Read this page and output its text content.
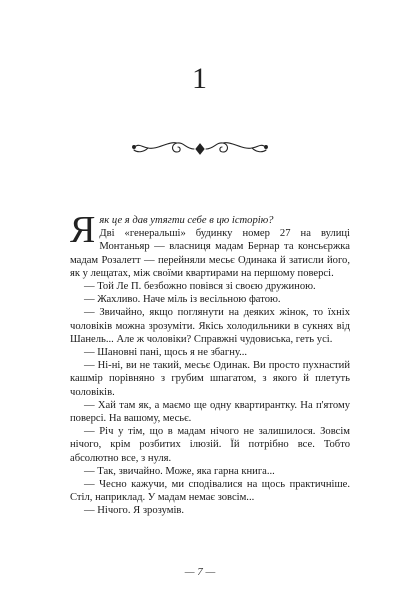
1

Я як це я дав утягти себе в цю історію?
Дві «генеральші» будинку номер 27 на вулиці Монтаньяр — власниця мадам Бернар та консьєржка мадам Розалетт — перейняли месьє Одинака й затисли його, як у лещатах, між своїми квартирами на першому поверсі.

— Той Ле П. безбожно повівся зі своєю дружиною.

— Жахливо. Наче міль із весільною фатою.

— Звичайно, якщо поглянути на деяких жінок, то їхніх чоловіків можна зрозуміти. Якісь холодильники в сукнях від Шанель... Але ж чоловіки? Справжні чудовиська, геть усі.

— Шановні пані, щось я не збагну...

— Ні-ні, ви не такий, месьє Одинак. Ви просто пухнастий кашмір порівняно з грубим шпагатом, з якого й плетуть чоловіків.

— Хай там як, а маємо ще одну квартирантку. На п'ятому поверсі. На вашому, месьє.

— Річ у тім, що в мадам нічого не залишилося. Зовсім нічого, крім розбитих ілюзій. Їй потрібно все. Тобто абсолютно все, з нуля.

— Так, звичайно. Може, яка гарна книга...

— Чесно кажучи, ми сподівалися на щось практичніше. Стіл, наприклад. У мадам немає зовсім...

— Нічого. Я зрозумів.

— 7 —
